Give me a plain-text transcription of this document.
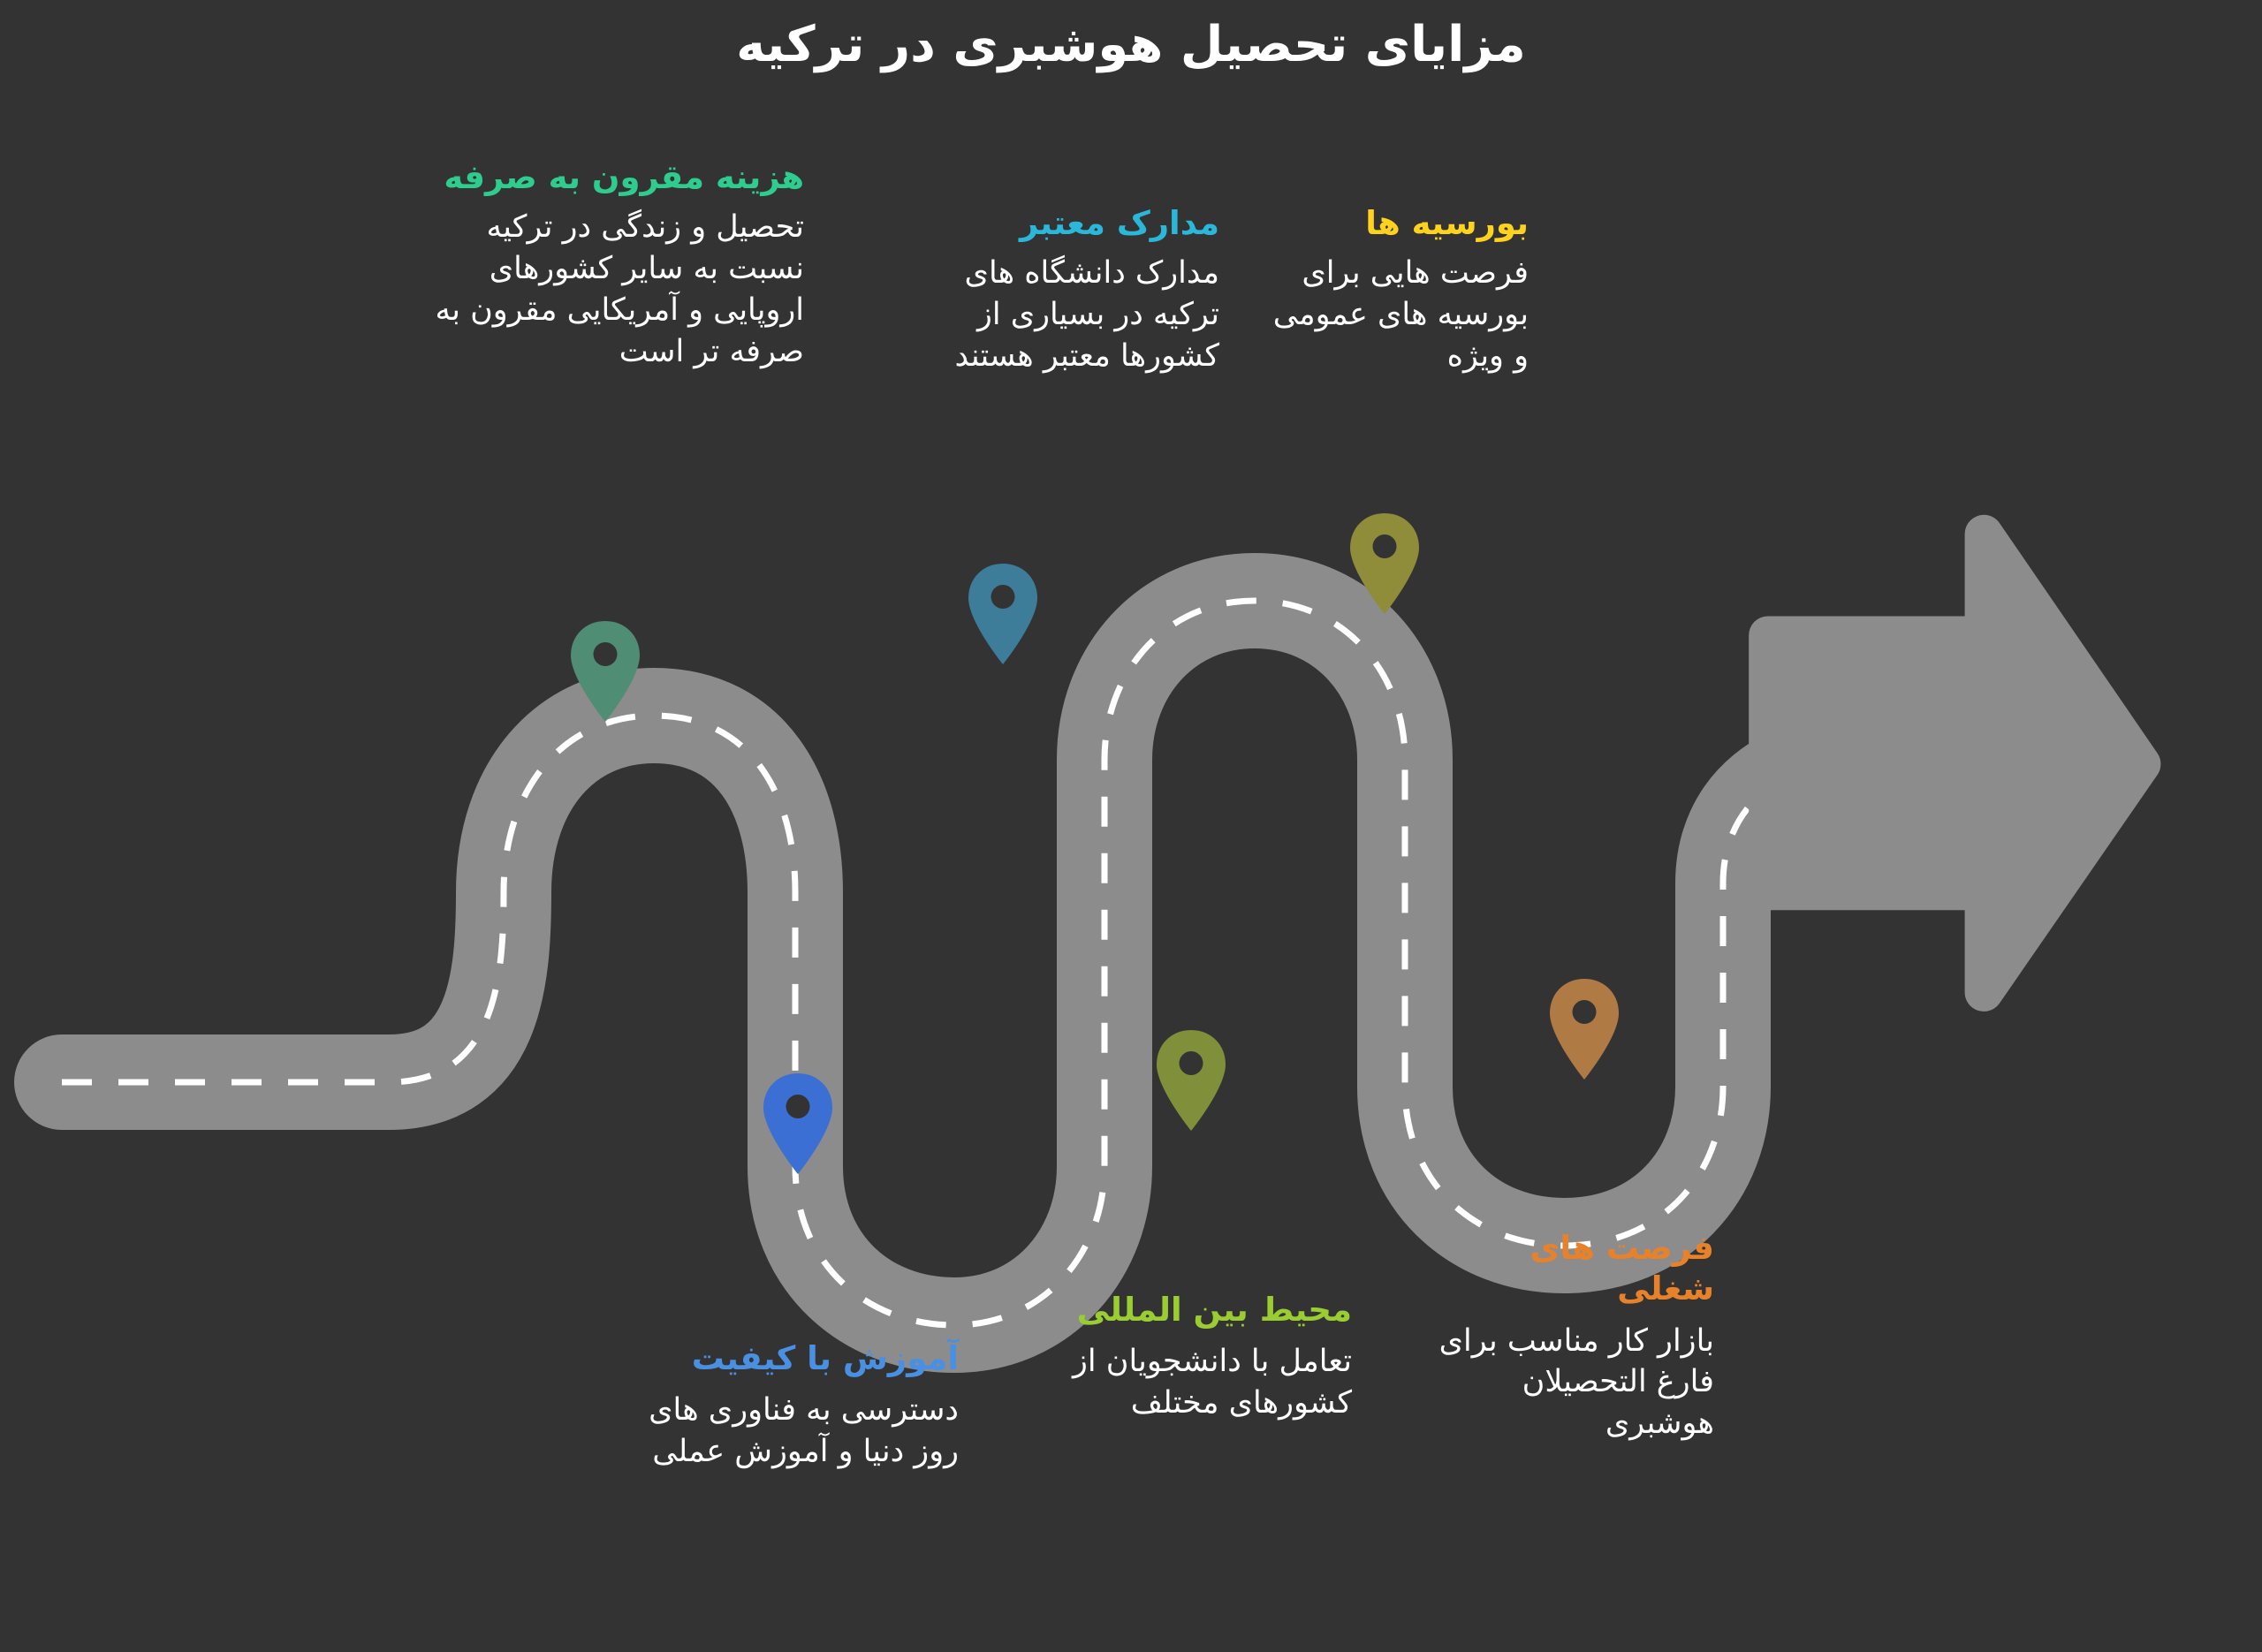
مزایای تحصیل هوشبری در ترکیه
هزینه مقرون به صرفه
تحصیل و زندگی در ترکیه نسبت به سایر کشورهای اروپایی و آمریکایی مقرون به صرفه تر است
مدارک معتبر
مدارک دانشگاه های ترکیه در بسیاری از کشورها معتبر هستند
بورسیه ها
فرصت هایی برای بورسیه های عمومی و ویژه
آموزش با کیفیت
دسترسی به فناوری های روز دنیا و آموزش عملی
محیط بین المللی
تعامل با دانشجویان از کشورهای مختلف
فرصت های شغلی
بازار کار مناسب برای فارغ التحصیلان هوشبری
